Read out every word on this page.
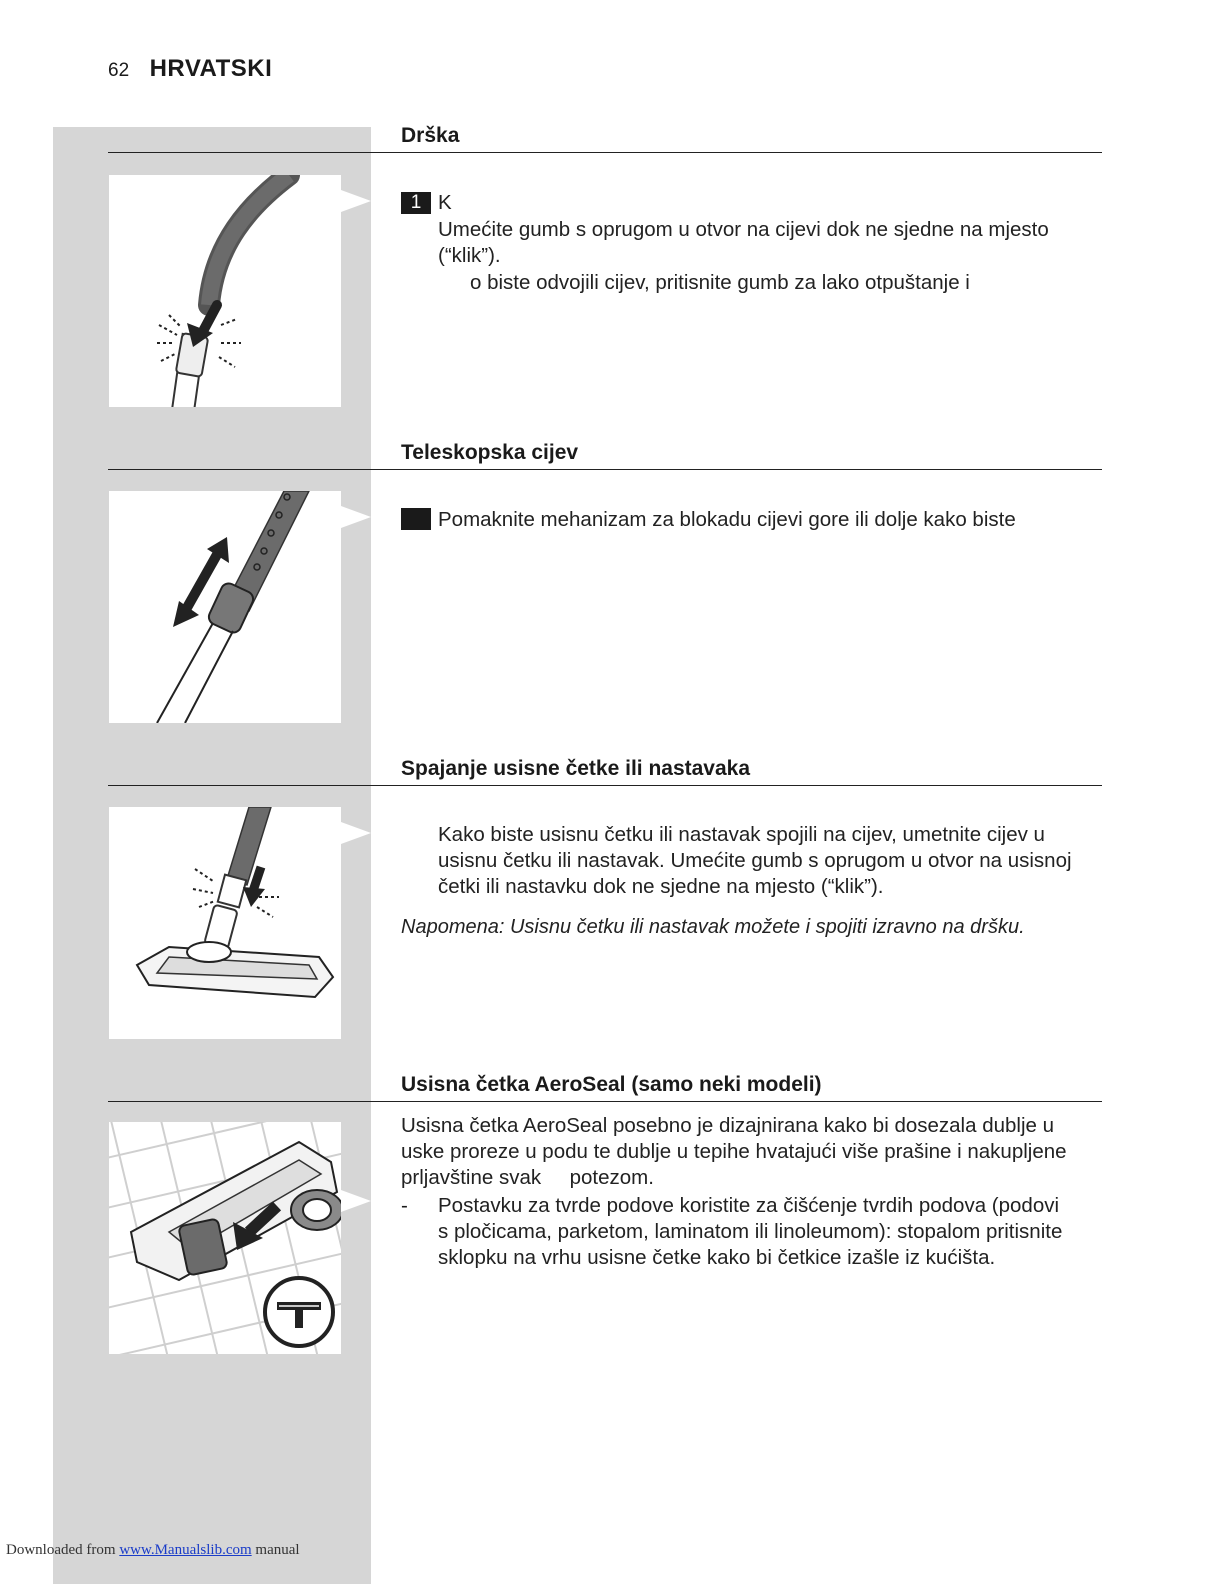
62 HRVATSKI
Drška
1 K
Umećite gumb s oprugom u otvor na cijevi dok ne sjedne na mjesto
(“klik”).
o biste odvojili cijev, pritisnite gumb za lako otpuštanje i
Teleskopska cijev
Pomaknite mehanizam za blokadu cijevi gore ili dolje kako biste
Spajanje usisne četke ili nastavaka
Kako biste usisnu četku ili nastavak spojili na cijev, umetnite cijev u
usisnu četku ili nastavak. Umećite gumb s oprugom u otvor na usisnoj
četki ili nastavku dok ne sjedne na mjesto (“klik”).
Napomena: Usisnu četku ili nastavak možete i spojiti izravno na dršku.
Usisna četka AeroSeal (samo neki modeli)
Usisna četka AeroSeal posebno je dizajnirana kako bi dosezala dublje u
uske proreze u podu te dublje u tepihe hvatajući više prašine i nakupljene
prljavštine svak     potezom.
- Postavku za tvrde podove koristite za čišćenje tvrdih podova (podovi
s pločicama, parketom, laminatom ili linoleumom): stopalom pritisnite
sklopku na vrhu usisne četke kako bi četkice izašle iz kućišta.
Downloaded from www.Manualslib.com manual
